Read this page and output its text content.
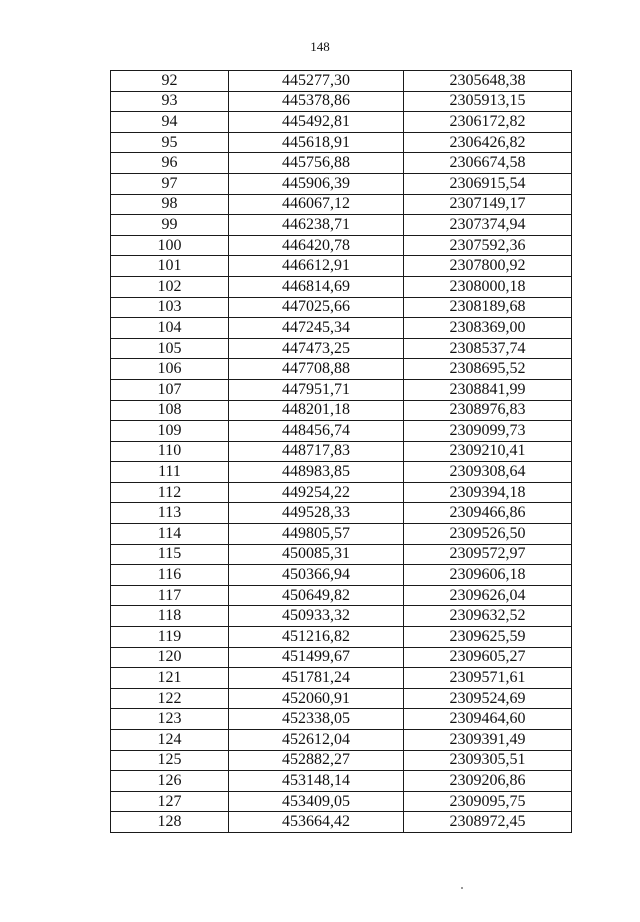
148
92	445277,30	2305648,38
93	445378,86	2305913,15
94	445492,81	2306172,82
95	445618,91	2306426,82
96	445756,88	2306674,58
97	445906,39	2306915,54
98	446067,12	2307149,17
99	446238,71	2307374,94
100	446420,78	2307592,36
101	446612,91	2307800,92
102	446814,69	2308000,18
103	447025,66	2308189,68
104	447245,34	2308369,00
105	447473,25	2308537,74
106	447708,88	2308695,52
107	447951,71	2308841,99
108	448201,18	2308976,83
109	448456,74	2309099,73
110	448717,83	2309210,41
111	448983,85	2309308,64
112	449254,22	2309394,18
113	449528,33	2309466,86
114	449805,57	2309526,50
115	450085,31	2309572,97
116	450366,94	2309606,18
117	450649,82	2309626,04
118	450933,32	2309632,52
119	451216,82	2309625,59
120	451499,67	2309605,27
121	451781,24	2309571,61
122	452060,91	2309524,69
123	452338,05	2309464,60
124	452612,04	2309391,49
125	452882,27	2309305,51
126	453148,14	2309206,86
127	453409,05	2309095,75
128	453664,42	2308972,45
